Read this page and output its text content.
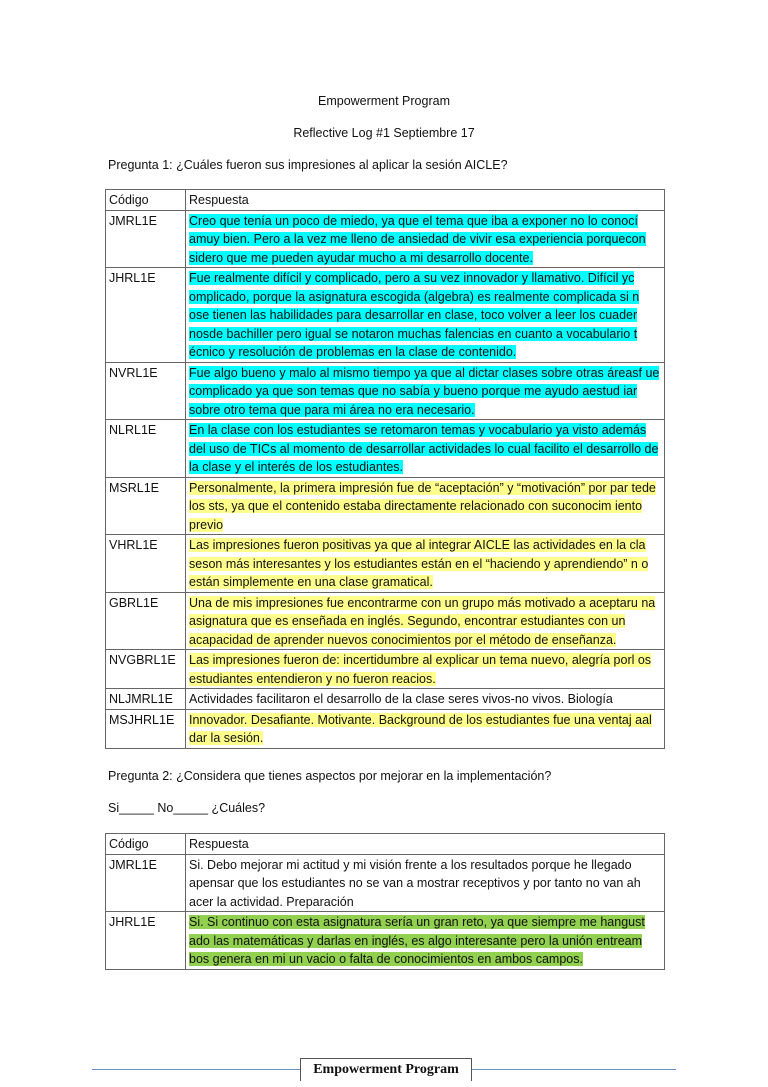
Empowerment Program
Reflective Log #1 Septiembre 17
Pregunta 1: ¿Cuáles fueron sus impresiones al aplicar la sesión AICLE?
Código	Respuesta
JMRL1E	Creo que tenía un poco de miedo, ya que el tema que iba a exponer no lo conocí amuy bien. Pero a la vez me lleno de ansiedad de vivir esa experiencia porquecon sidero que me pueden ayudar mucho a mi desarrollo docente.
JHRL1E	Fue realmente difícil y complicado, pero a su vez innovador y llamativo. Difícil yc omplicado, porque la asignatura escogida (algebra) es realmente complicada si n ose tienen las habilidades para desarrollar en clase, toco volver a leer los cuader nosde bachiller pero igual se notaron muchas falencias en cuanto a vocabulario t écnico y resolución de problemas en la clase de contenido.
NVRL1E	Fue algo bueno y malo al mismo tiempo ya que al dictar clases sobre otras áreasf ue complicado ya que son temas que no sabía y bueno porque me ayudo aestud iar sobre otro tema que para mi área no era necesario.
NLRL1E	En la clase con los estudiantes se retomaron temas y vocabulario ya visto además del uso de TICs al momento de desarrollar actividades lo cual facilito el desarrollo de la clase y el interés de los estudiantes.
MSRL1E	Personalmente, la primera impresión fue de “aceptación” y “motivación” por par tede los sts, ya que el contenido estaba directamente relacionado con suconocim iento previo
VHRL1E	Las impresiones fueron positivas ya que al integrar AICLE las actividades en la cla seson más interesantes y los estudiantes están en el “haciendo y aprendiendo” n o están simplemente en una clase gramatical.
GBRL1E	Una de mis impresiones fue encontrarme con un grupo más motivado a aceptaru na asignatura que es enseñada en inglés. Segundo, encontrar estudiantes con un acapacidad de aprender nuevos conocimientos por el método de enseñanza.
NVGBRL1E	Las impresiones fueron de: incertidumbre al explicar un tema nuevo, alegría porl os estudiantes entendieron y no fueron reacios.
NLJMRL1E	Actividades facilitaron el desarrollo de la clase seres vivos-no vivos. Biología
MSJHRL1E	Innovador. Desafiante. Motivante. Background de los estudiantes fue una ventaj aal dar la sesión.
Pregunta 2: ¿Considera que tienes aspectos por mejorar en la implementación?
Si_____ No_____ ¿Cuáles?
Código	Respuesta
JMRL1E	Si. Debo mejorar mi actitud y mi visión frente a los resultados porque he llegado apensar que los estudiantes no se van a mostrar receptivos y por tanto no van ah acer la actividad. Preparación
JHRL1E	Si. Si continuo con esta asignatura sería un gran reto, ya que siempre me hangust ado las matemáticas y darlas en inglés, es algo interesante pero la unión entream bos genera en mi un vacio o falta de conocimientos en ambos campos.
Empowerment Program
